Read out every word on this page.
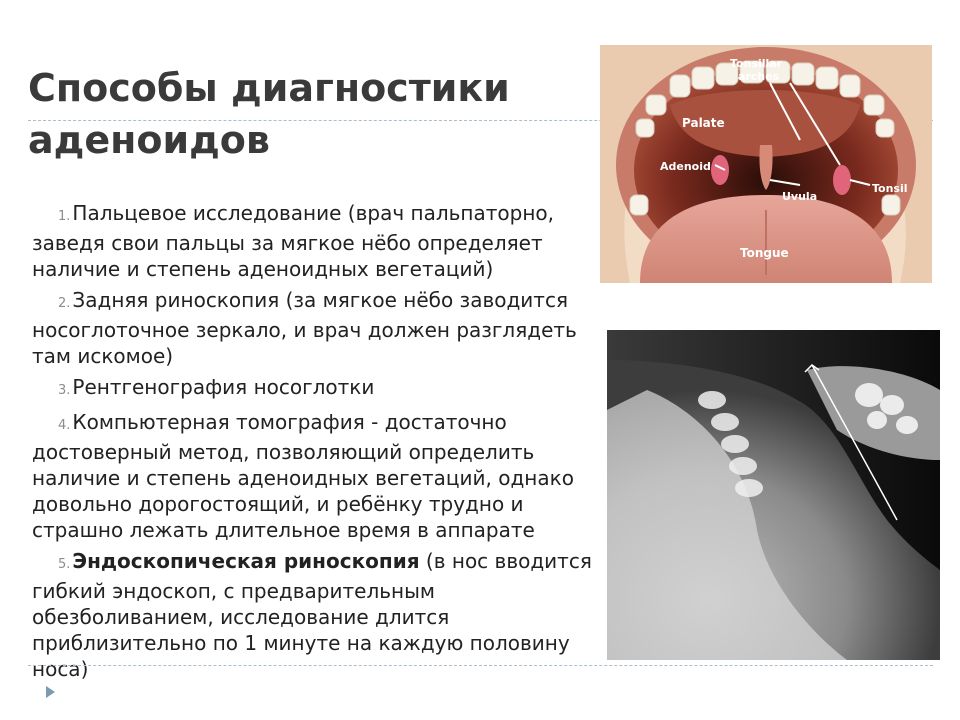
Способы диагностики
аденоидов
1. Пальцевое исследование (врач пальпаторно, заведя свои пальцы за мягкое нёбо определяет наличие и степень аденоидных вегетаций)
2. Задняя риноскопия (за мягкое нёбо заводится носоглоточное зеркало, и врач должен разглядеть там искомое)
3. Рентгенография носоглотки
4. Компьютерная томография - достаточно достоверный метод, позволяющий определить наличие и степень аденоидных вегетаций, однако довольно дорогостоящий, и ребёнку трудно и страшно лежать длительное время в аппарате
5. Эндоскопическая риноскопия (в нос вводится гибкий эндоскоп, с предварительным обезболиванием, исследование длится приблизительно по 1 минуте на каждую половину носа)
Tonsillar
arches
Palate
Adenoid
Uvula
Tonsil
Tongue
